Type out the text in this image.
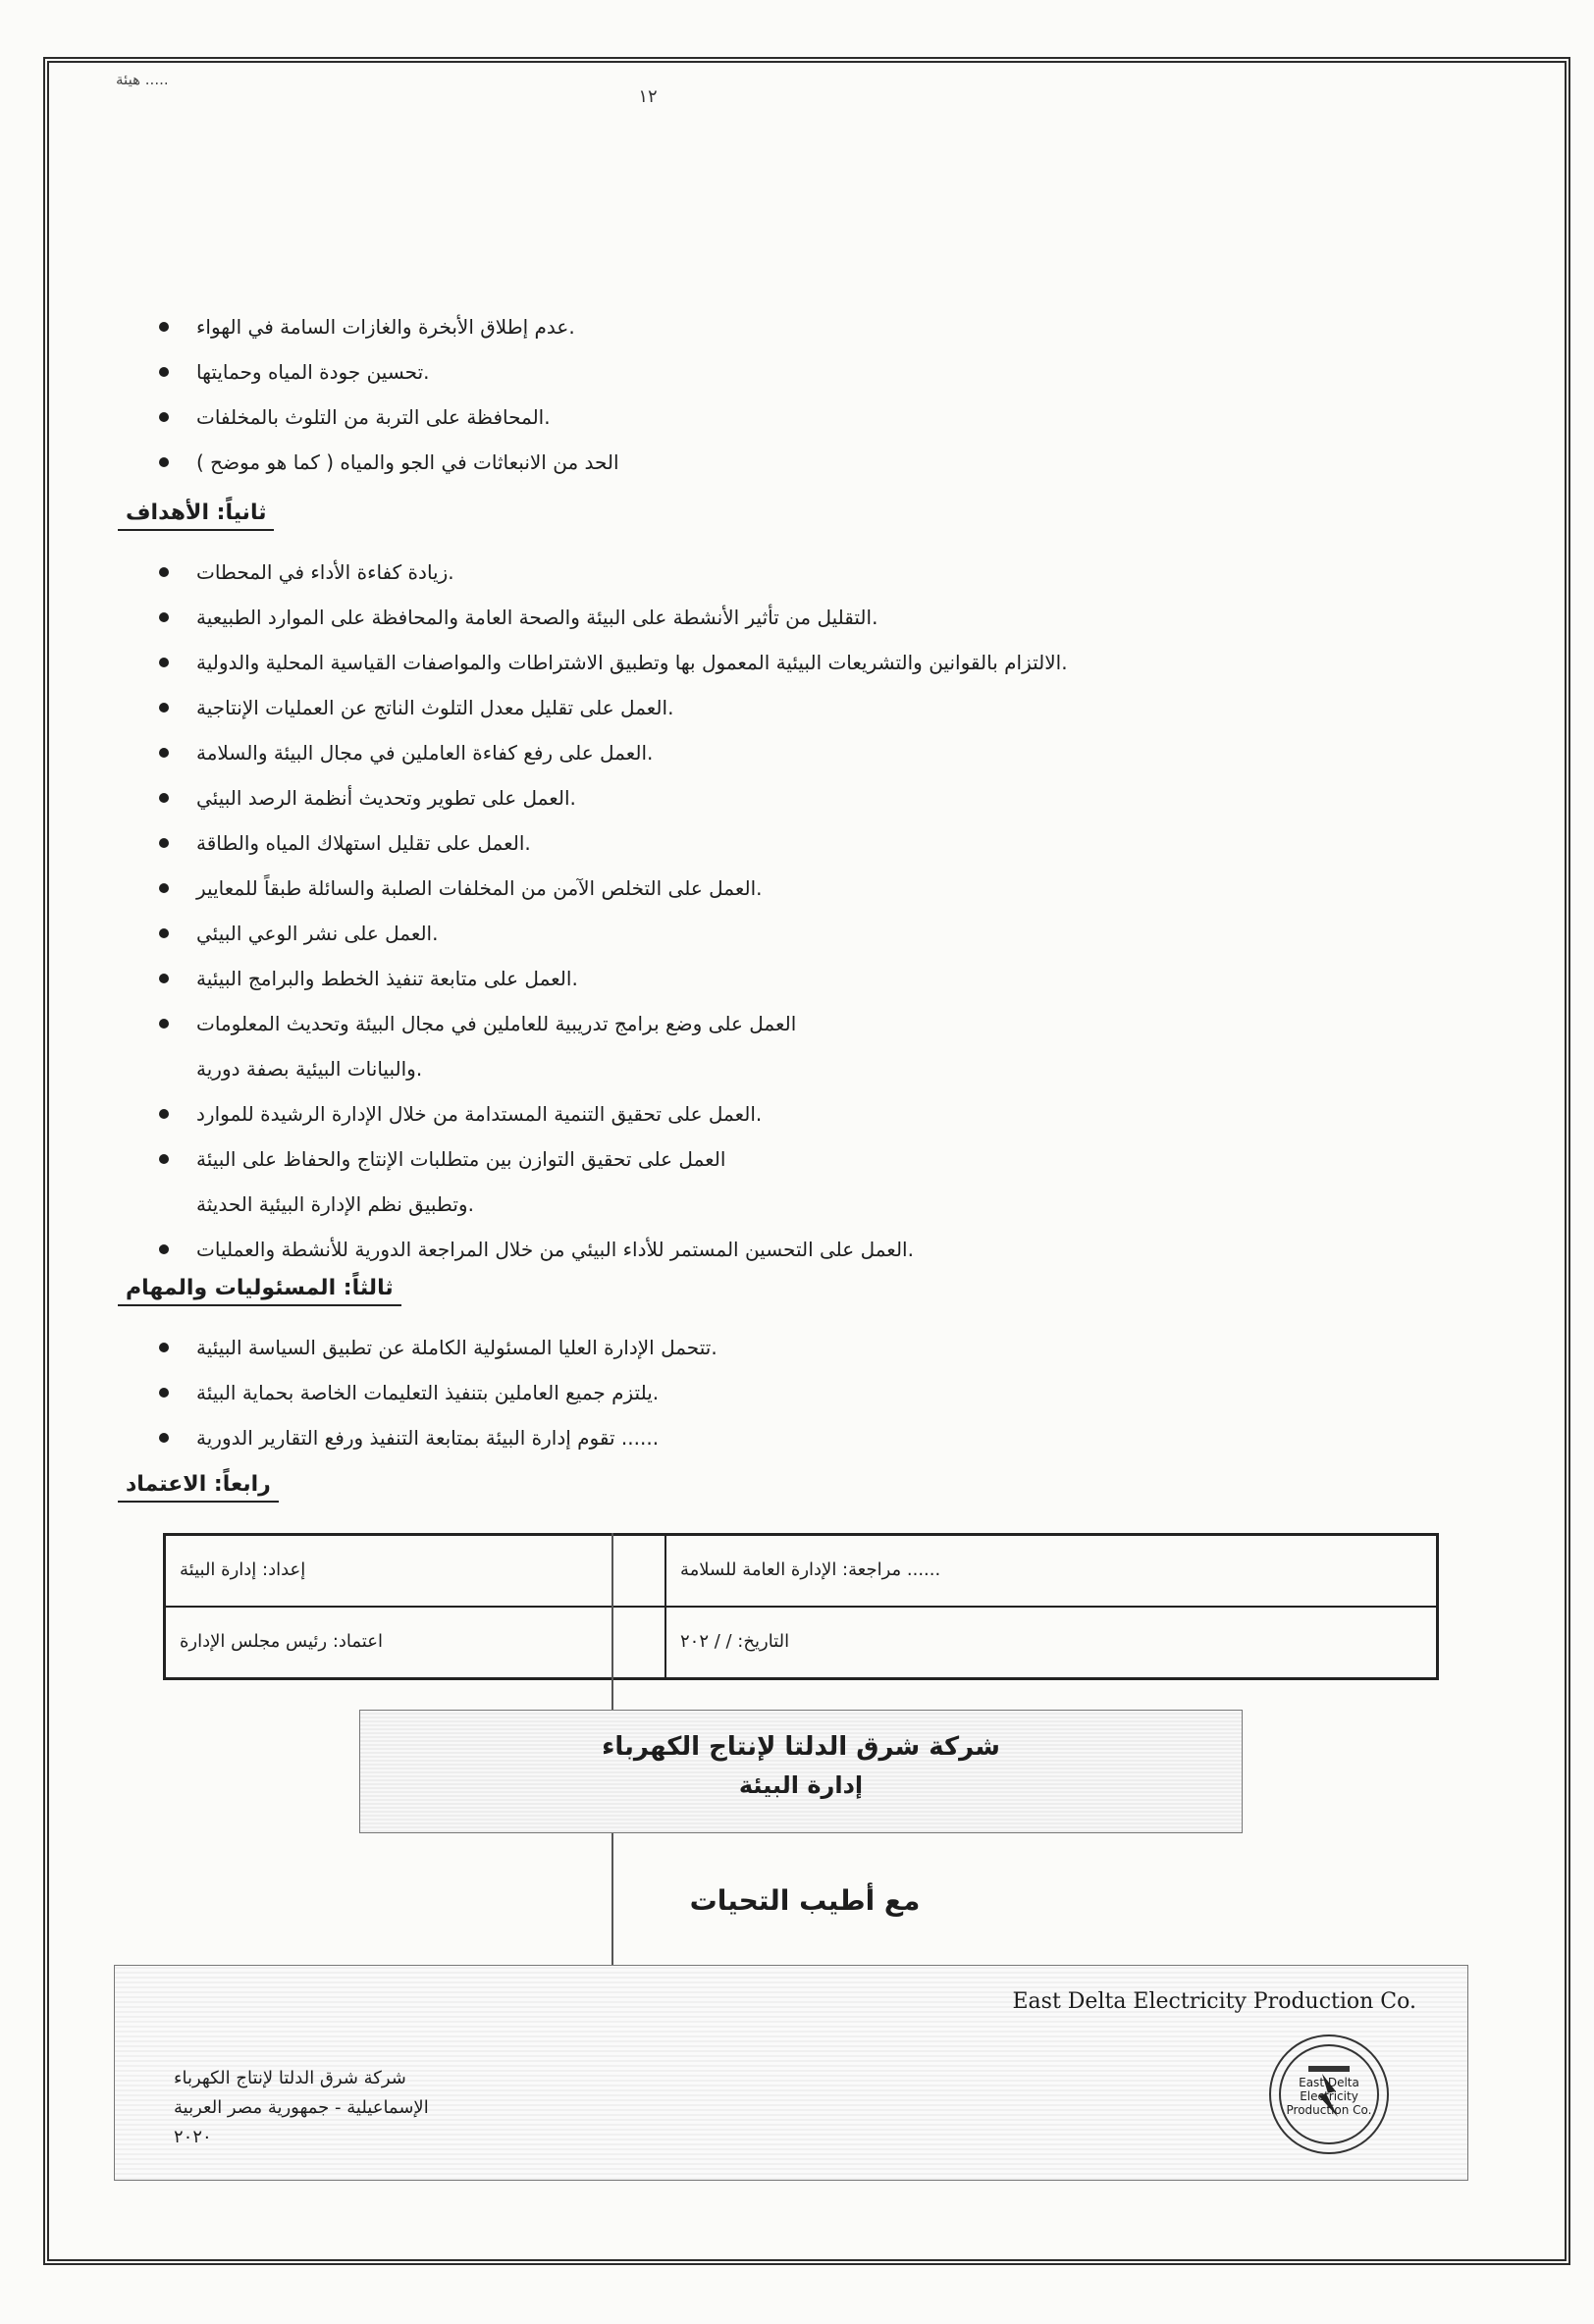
هيئة .....
١٢
عدم إطلاق الأبخرة والغازات السامة في الهواء.
تحسين جودة المياه وحمايتها.
المحافظة على التربة من التلوث بالمخلفات.
الحد من الانبعاثات في الجو والمياه ( كما هو موضح )
ثانياً: الأهداف
زيادة كفاءة الأداء في المحطات.
التقليل من تأثير الأنشطة على البيئة والصحة العامة والمحافظة على الموارد الطبيعية.
الالتزام بالقوانين والتشريعات البيئية المعمول بها وتطبيق الاشتراطات والمواصفات القياسية المحلية والدولية.
العمل على تقليل معدل التلوث الناتج عن العمليات الإنتاجية.
العمل على رفع كفاءة العاملين في مجال البيئة والسلامة.
العمل على تطوير وتحديث أنظمة الرصد البيئي.
العمل على تقليل استهلاك المياه والطاقة.
العمل على التخلص الآمن من المخلفات الصلبة والسائلة طبقاً للمعايير.
العمل على نشر الوعي البيئي.
العمل على متابعة تنفيذ الخطط والبرامج البيئية.
العمل على وضع برامج تدريبية للعاملين في مجال البيئة وتحديث المعلومات
والبيانات البيئية بصفة دورية.
العمل على تحقيق التنمية المستدامة من خلال الإدارة الرشيدة للموارد.
العمل على تحقيق التوازن بين متطلبات الإنتاج والحفاظ على البيئة
وتطبيق نظم الإدارة البيئية الحديثة.
العمل على التحسين المستمر للأداء البيئي من خلال المراجعة الدورية للأنشطة والعمليات.
ثالثاً: المسئوليات والمهام
تتحمل الإدارة العليا المسئولية الكاملة عن تطبيق السياسة البيئية.
يلتزم جميع العاملين بتنفيذ التعليمات الخاصة بحماية البيئة.
تقوم إدارة البيئة بمتابعة التنفيذ ورفع التقارير الدورية ......
رابعاً: الاعتماد
إعداد: إدارة البيئة	مراجعة: الإدارة العامة للسلامة ......
اعتماد: رئيس مجلس الإدارة	التاريخ: / / ٢٠٢
شركة شرق الدلتا لإنتاج الكهرباء
إدارة البيئة
مع أطيب التحيات
East Delta Electricity Production Co.
East Delta Electricity Production Co.
شركة شرق الدلتا لإنتاج الكهرباء
الإسماعيلية - جمهورية مصر العربية
٢٠٢٠
